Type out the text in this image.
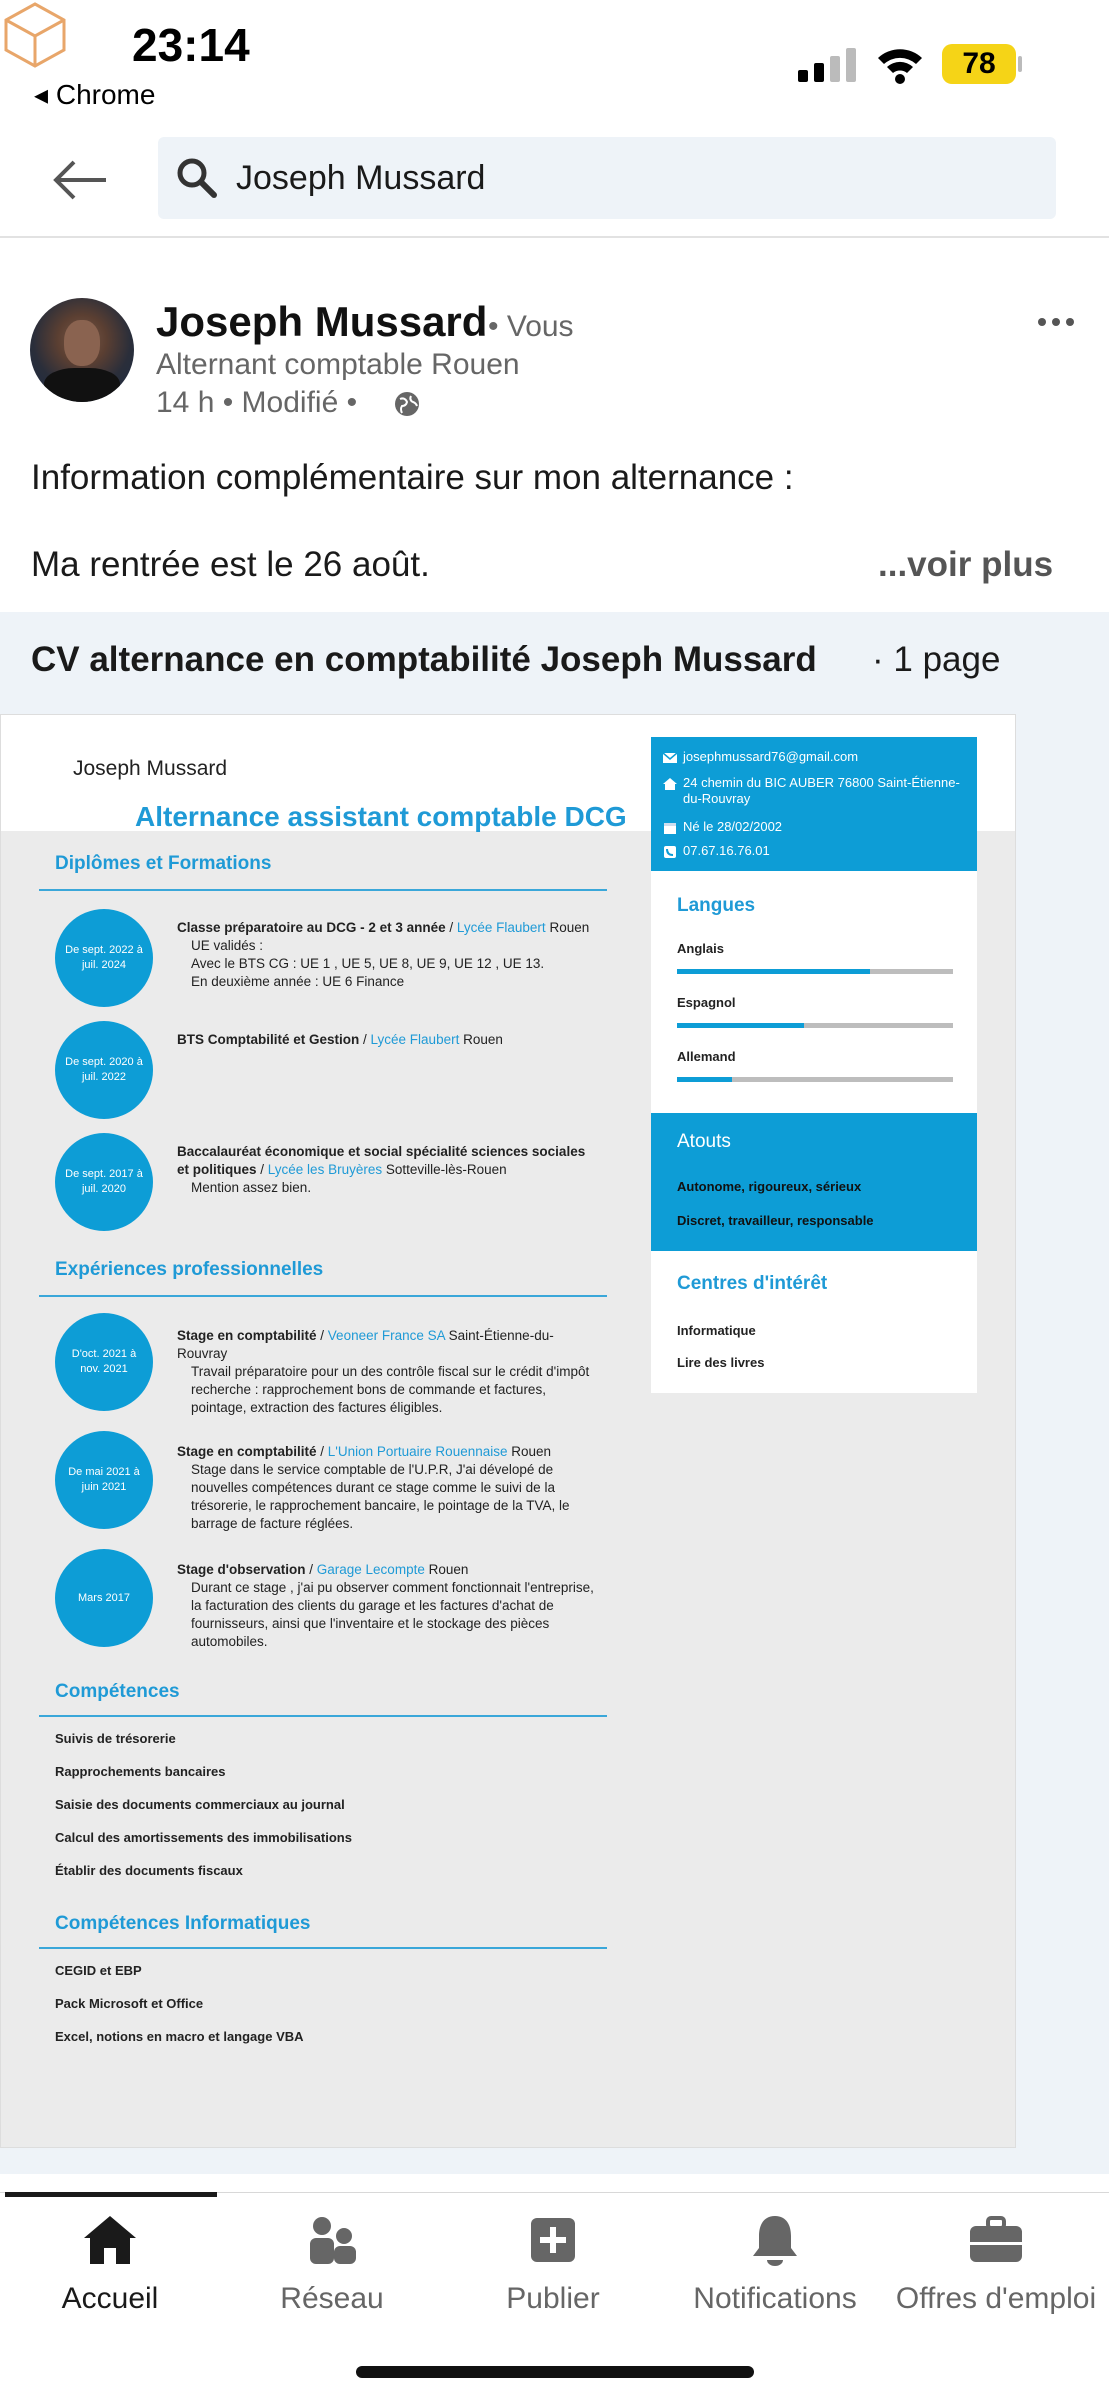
23:14
◂ Chrome
78
Joseph Mussard
Joseph Mussard • Vous
Alternant comptable Rouen
14 h • Modifié •
Information complémentaire sur mon alternance :
Ma rentrée est le 26 août.	...voir plus
CV alternance en comptabilité Joseph Mussard · 1 page
Joseph Mussard
Alternance assistant comptable DCG
Diplômes et Formations
De sept. 2022 à juil. 2024
Classe préparatoire au DCG - 2 et 3 année / Lycée Flaubert Rouen
UE validés :
Avec le BTS CG : UE 1 , UE 5, UE 8, UE 9, UE 12 , UE 13.
En deuxième année : UE 6 Finance
De sept. 2020 à juil. 2022
BTS Comptabilité et Gestion / Lycée Flaubert Rouen
De sept. 2017 à juil. 2020
Baccalauréat économique et social spécialité sciences sociales et politiques / Lycée les Bruyères Sotteville-lès-Rouen
Mention assez bien.
Expériences professionnelles
D'oct. 2021 à nov. 2021
Stage en comptabilité / Veoneer France SA Saint-Étienne-du-Rouvray
Travail préparatoire pour un des contrôle fiscal sur le crédit d'impôt recherche : rapprochement bons de commande et factures, pointage, extraction des factures éligibles.
De mai 2021 à juin 2021
Stage en comptabilité / L'Union Portuaire Rouennaise Rouen
Stage dans le service comptable de l'U.P.R, J'ai dévelopé de nouvelles compétences durant ce stage comme le suivi de la trésorerie, le rapprochement bancaire, le pointage de la TVA, le barrage de facture réglées.
Mars 2017
Stage d'observation / Garage Lecompte Rouen
Durant ce stage , j'ai pu observer comment fonctionnait l'entreprise, la facturation des clients du garage et les factures d'achat de fournisseurs, ainsi que l'inventaire et le stockage des pièces automobiles.
Compétences
Suivis de trésorerie
Rapprochements bancaires
Saisie des documents commerciaux au journal
Calcul des amortissements des immobilisations
Établir des documents fiscaux
Compétences Informatiques
CEGID et EBP
Pack Microsoft et Office
Excel, notions en macro et langage VBA
josephmussard76@gmail.com
24 chemin du BIC AUBER 76800 Saint-Étienne-du-Rouvray
Né le 28/02/2002
07.67.16.76.01
Langues
Anglais
Espagnol
Allemand
Atouts
Autonome, rigoureux, sérieux
Discret, travailleur, responsable
Centres d'intérêt
Informatique
Lire des livres
Accueil	Réseau	Publier	Notifications	Offres d'emploi
